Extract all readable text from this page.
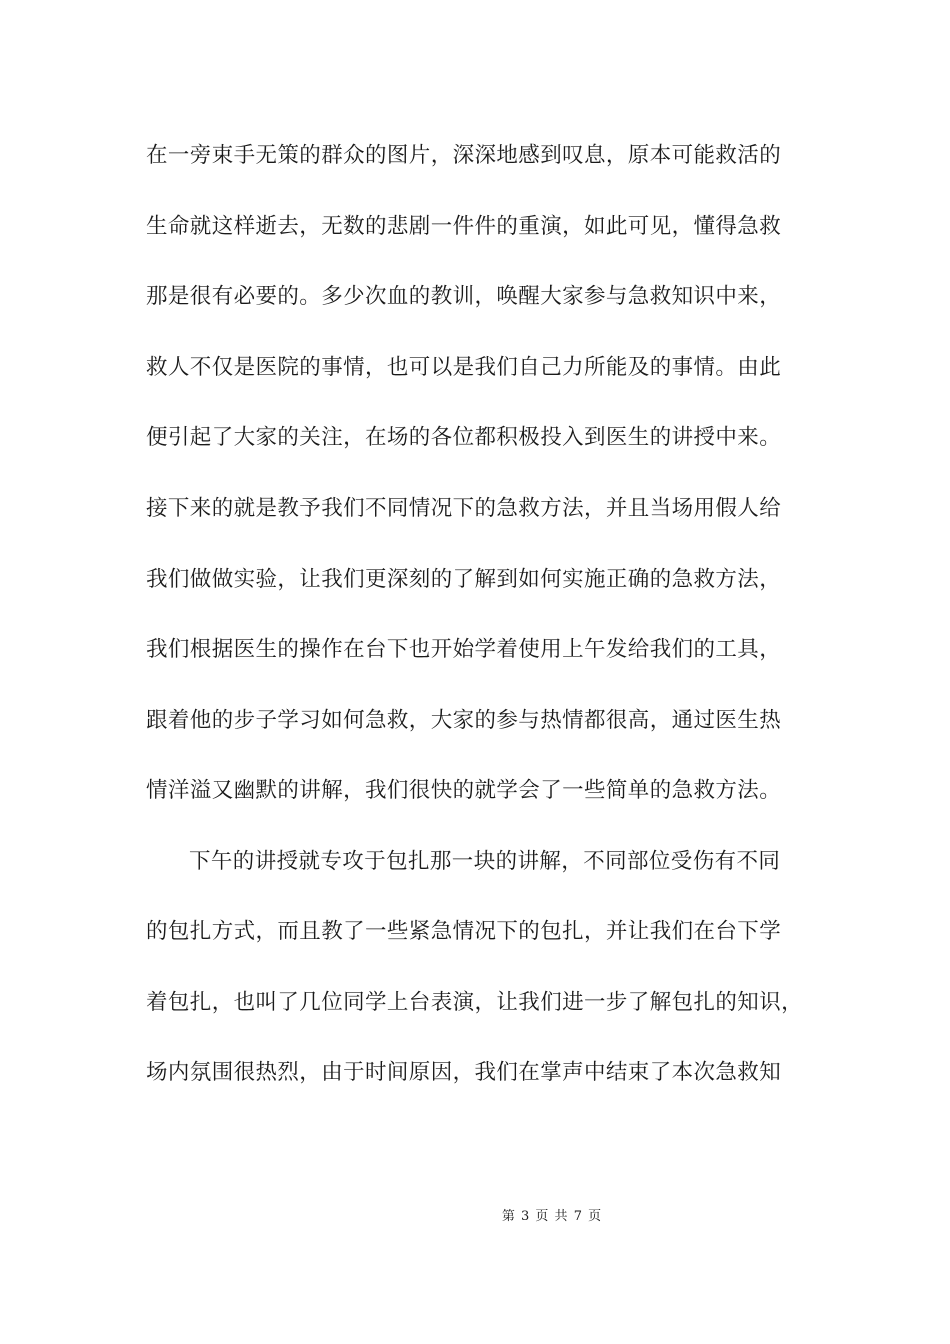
在一旁束手无策的群众的图片，深深地感到叹息，原本可能救活的
生命就这样逝去，无数的悲剧一件件的重演，如此可见，懂得急救
那是很有必要的。多少次血的教训，唤醒大家参与急救知识中来，
救人不仅是医院的事情，也可以是我们自己力所能及的事情。由此
便引起了大家的关注，在场的各位都积极投入到医生的讲授中来。
接下来的就是教予我们不同情况下的急救方法，并且当场用假人给
我们做做实验，让我们更深刻的了解到如何实施正确的急救方法，
我们根据医生的操作在台下也开始学着使用上午发给我们的工具，
跟着他的步子学习如何急救，大家的参与热情都很高，通过医生热
情洋溢又幽默的讲解，我们很快的就学会了一些简单的急救方法。
下午的讲授就专攻于包扎那一块的讲解，不同部位受伤有不同
的包扎方式，而且教了一些紧急情况下的包扎，并让我们在台下学
着包扎，也叫了几位同学上台表演，让我们进一步了解包扎的知识，
场内氛围很热烈，由于时间原因，我们在掌声中结束了本次急救知
第 3 页 共 7 页
